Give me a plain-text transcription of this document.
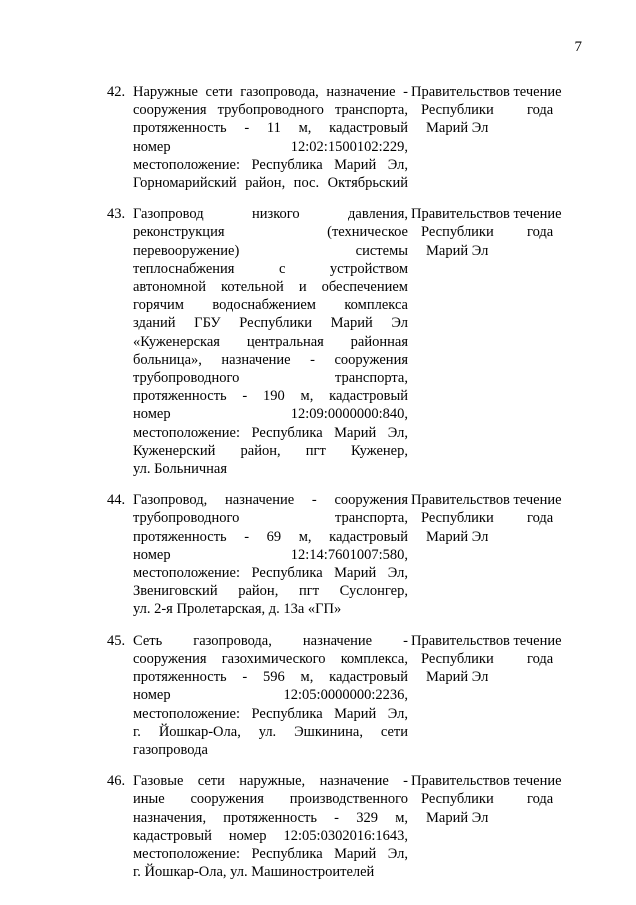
7
42. Наружные сети газопровода, назначение -
сооружения трубопроводного транспорта,
протяженность - 11 м, кадастровый
номер 12:02:1500102:229,
местоположение: Республика Марий Эл,
Горномарийский район, пос. Октябрьский
Правительство
Республики
Марий Эл
в течение
года
43. Газопровод низкого давления,
реконструкция (техническое
перевооружение) системы
теплоснабжения с устройством
автономной котельной и обеспечением
горячим водоснабжением комплекса
зданий ГБУ Республики Марий Эл
«Куженерская центральная районная
больница», назначение - сооружения
трубопроводного транспорта,
протяженность - 190 м, кадастровый
номер 12:09:0000000:840,
местоположение: Республика Марий Эл,
Куженерский район, пгт Куженер,
ул. Больничная
Правительство
Республики
Марий Эл
в течение
года
44. Газопровод, назначение - сооружения
трубопроводного транспорта,
протяженность - 69 м, кадастровый
номер 12:14:7601007:580,
местоположение: Республика Марий Эл,
Звениговский район, пгт Суслонгер,
ул. 2-я Пролетарская, д. 13а «ГП»
Правительство
Республики
Марий Эл
в течение
года
45. Сеть газопровода, назначение -
сооружения газохимического комплекса,
протяженность - 596 м, кадастровый
номер 12:05:0000000:2236,
местоположение: Республика Марий Эл,
г. Йошкар-Ола, ул. Эшкинина, сети
газопровода
Правительство
Республики
Марий Эл
в течение
года
46. Газовые сети наружные, назначение -
иные сооружения производственного
назначения, протяженность - 329 м,
кадастровый номер 12:05:0302016:1643,
местоположение: Республика Марий Эл,
г. Йошкар-Ола, ул. Машиностроителей
Правительство
Республики
Марий Эл
в течение
года
